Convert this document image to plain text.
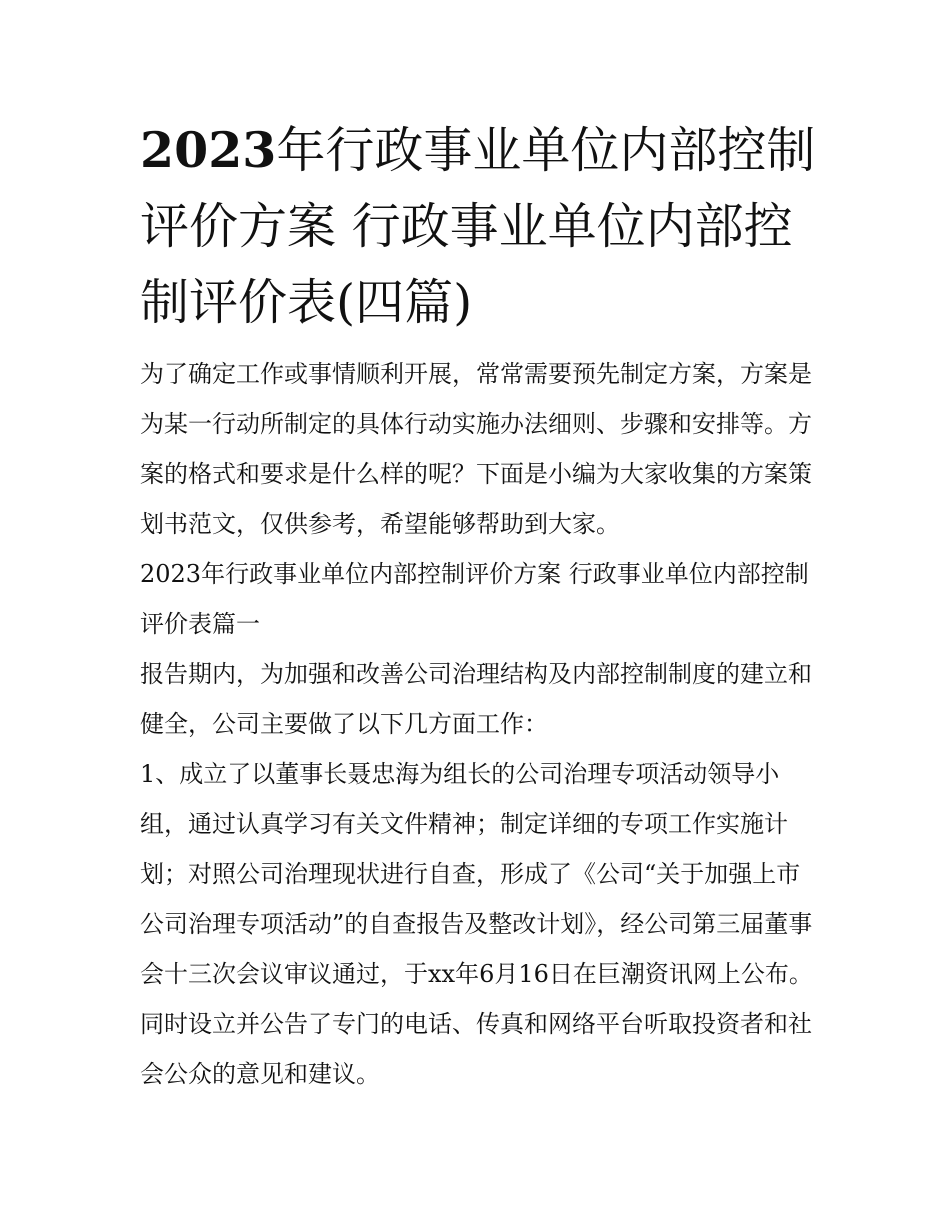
2023年行政事业单位内部控制评价方案 行政事业单位内部控制评价表(四篇)

为了确定工作或事情顺利开展，常常需要预先制定方案，方案是为某一行动所制定的具体行动实施办法细则、步骤和安排等。方案的格式和要求是什么样的呢？下面是小编为大家收集的方案策划书范文，仅供参考，希望能够帮助到大家。

2023年行政事业单位内部控制评价方案 行政事业单位内部控制评价表篇一

报告期内，为加强和改善公司治理结构及内部控制制度的建立和健全，公司主要做了以下几方面工作：

1、成立了以董事长聂忠海为组长的公司治理专项活动领导小组，通过认真学习有关文件精神；制定详细的专项工作实施计划；对照公司治理现状进行自查，形成了《公司“关于加强上市公司治理专项活动”的自查报告及整改计划》，经公司第三届董事会十三次会议审议通过，于xx年6月16日在巨潮资讯网上公布。同时设立并公告了专门的电话、传真和网络平台听取投资者和社会公众的意见和建议。
